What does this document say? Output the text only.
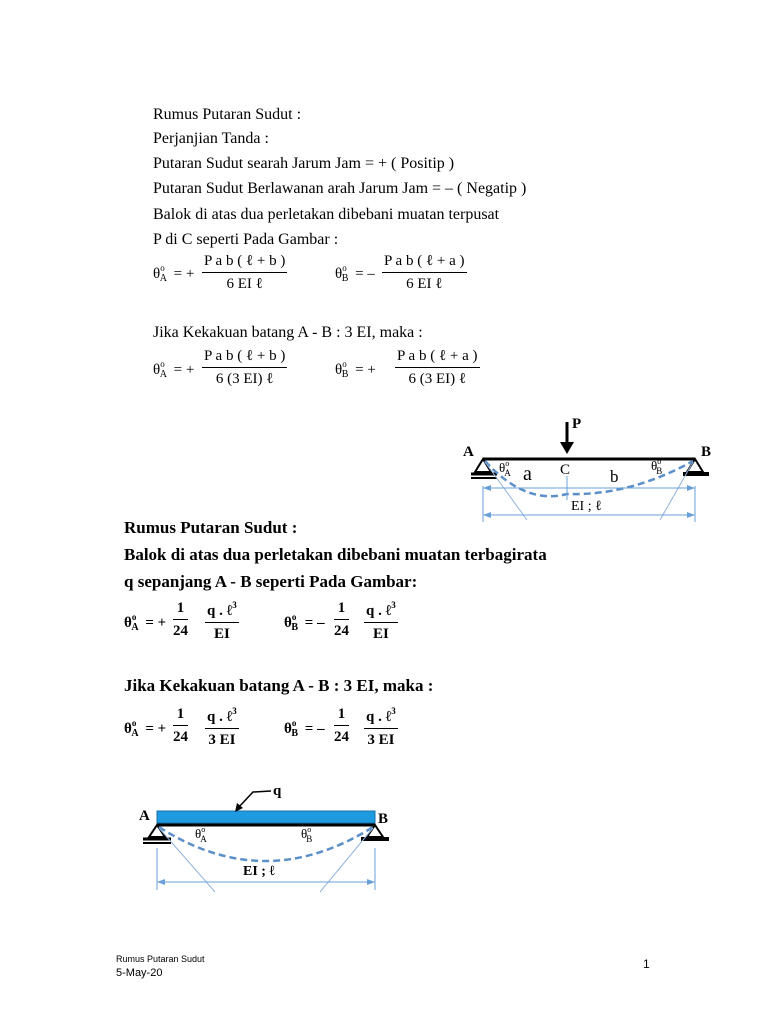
Rumus Putaran Sudut :
Perjanjian Tanda :
Putaran Sudut searah Jarum Jam = + ( Positip )
Putaran Sudut Berlawanan arah Jarum Jam = – ( Negatip )
Balok di atas dua perletakan dibebani muatan terpusat
P di C seperti Pada Gambar :
$\theta^o_A$ = +
P a b ( ℓ + b )
6 EI ℓ
$\theta^o_B$ = –
P a b ( ℓ + a )
6 EI ℓ
Jika Kekakuan batang A - B : 3 EI, maka :
$\theta^o_A$ = +
P a b ( ℓ + b )
6 (3 EI) ℓ
$\theta^o_B$ = +
P a b ( ℓ + a )
6 (3 EI) ℓ
P
A	B
$\theta^o$ A a C b
$\theta^o$ B
EI ; ℓ
Rumus Putaran Sudut :
Balok di atas dua perletakan dibebani muatan terbagirata
q sepanjang A - B seperti Pada Gambar:
$\theta^o_A$ = + $\frac{1}{24}$ q . ℓ$^3$
EI
$\theta^o_B$ = – $\frac{1}{24}$ q . ℓ$^3$
EI
Jika Kekakuan batang A - B : 3 EI, maka :
$\theta^o_A$ = + $\frac{1}{24}$ q . ℓ$^3$
3 EI
$\theta^o_B$ = – $\frac{1}{24}$ q . ℓ$^3$
3 EI
q
A	B
$\theta^o$ A	$\theta^o$ B
EI ; ℓ
Rumus Putaran Sudut
5-May-20
1
